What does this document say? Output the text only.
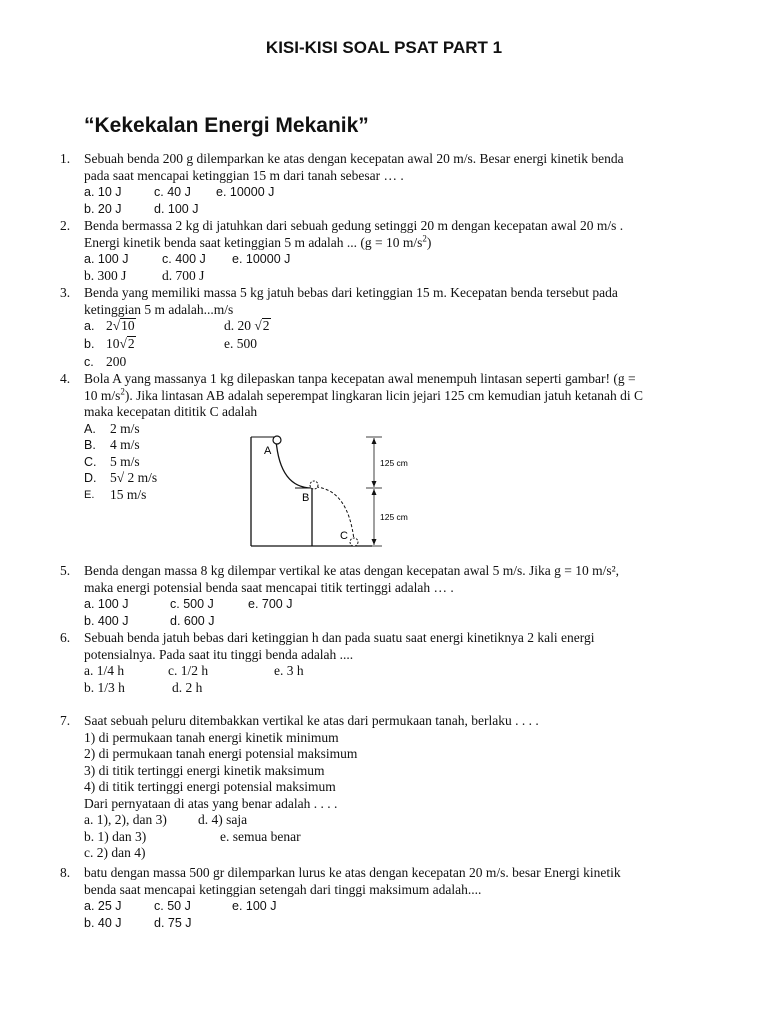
KISI-KISI SOAL PSAT PART 1
“Kekekalan Energi Mekanik”
1. Sebuah benda 200 g dilemparkan ke atas dengan kecepatan awal 20 m/s. Besar energi kinetik benda
pada saat mencapai ketinggian 15 m dari tanah sebesar … .
a. 10 J	c. 40 J e. 10000 J
b. 20 J	d. 100 J
2. Benda bermassa 2 kg di jatuhkan dari sebuah gedung setinggi 20 m dengan kecepatan awal 20 m/s .
Energi kinetik benda saat ketinggian 5 m adalah ... (g = 10 $m/s^2$)
a. 100 J	c. 400 J e. 10000 J
b. 300 J	d. 700 J
3. Benda yang memiliki massa 5 kg jatuh bebas dari ketinggian 15 m. Kecepatan benda tersebut pada
ketinggian 5 m adalah...m/s
a. 2√10	d. 20 √2
b. 10√2	e. 500
c. 200
4. Bola A yang massanya 1 kg dilepaskan tanpa kecepatan awal menempuh lintasan seperti gambar! (g =
10 $m/s^2$). Jika lintasan AB adalah seperempat lingkaran licin jejari 125 cm kemudian jatuh ketanah di C
maka kecepatan dititik C adalah
A. 2 m/s
B. 4 m/s
C. 5 m/s
D. 5√ 2 m/s
E. 15 m/s
A
B
C
125 cm
125 cm
5. Benda dengan massa 8 kg dilempar vertikal ke atas dengan kecepatan awal 5 m/s. Jika g = 10 m/s²,
maka energi potensial benda saat mencapai titik tertinggi adalah … .
a. 100 J	c. 500 J	e. 700 J
b. 400 J	d. 600 J
6. Sebuah benda jatuh bebas dari ketinggian h dan pada suatu saat energi kinetiknya 2 kali energi
potensialnya. Pada saat itu tinggi benda adalah ....
a. 1/4 h	c. 1/2 h	e. 3 h
b. 1/3 h	d. 2 h
7. Saat sebuah peluru ditembakkan vertikal ke atas dari permukaan tanah, berlaku . . . .
1) di permukaan tanah energi kinetik minimum
2) di permukaan tanah energi potensial maksimum
3) di titik tertinggi energi kinetik maksimum
4) di titik tertinggi energi potensial maksimum
Dari pernyataan di atas yang benar adalah . . . .
a. 1), 2), dan 3) d. 4) saja
b. 1) dan 3)	e. semua benar
c. 2) dan 4)
8. batu dengan massa 500 gr dilemparkan lurus ke atas dengan kecepatan 20 m/s. besar Energi kinetik
benda saat mencapai ketinggian setengah dari tinggi maksimum adalah....
a. 25 J	c. 50 J	e. 100 J
b. 40 J	d. 75 J
